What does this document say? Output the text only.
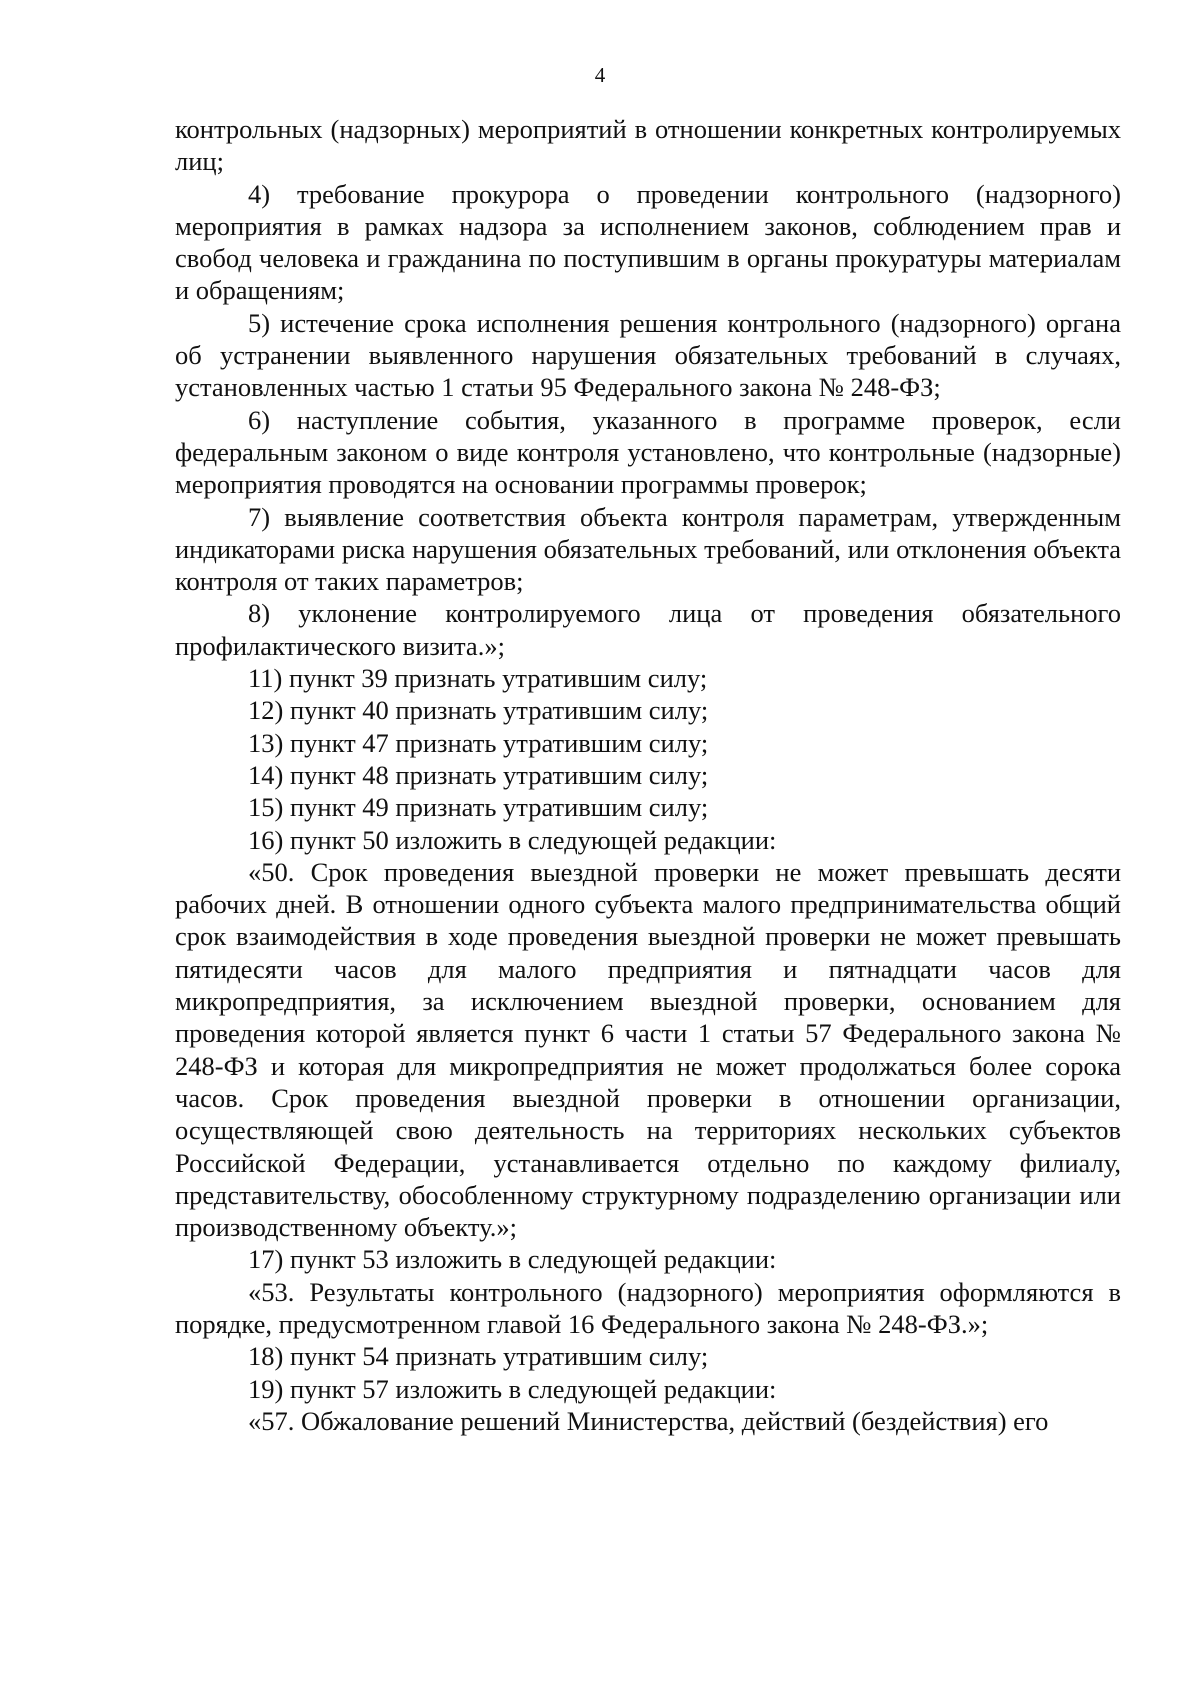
4

контрольных (надзорных) мероприятий в отношении конкретных контролируемых лиц;

4) требование прокурора о проведении контрольного (надзорного) мероприятия в рамках надзора за исполнением законов, соблюдением прав и свобод человека и гражданина по поступившим в органы прокуратуры материалам и обращениям;

5) истечение срока исполнения решения контрольного (надзорного) органа об устранении выявленного нарушения обязательных требований в случаях, установленных частью 1 статьи 95 Федерального закона № 248-ФЗ;

6) наступление события, указанного в программе проверок, если федеральным законом о виде контроля установлено, что контрольные (надзорные) мероприятия проводятся на основании программы проверок;

7) выявление соответствия объекта контроля параметрам, утвержденным индикаторами риска нарушения обязательных требований, или отклонения объекта контроля от таких параметров;

8) уклонение контролируемого лица от проведения обязательного профилактического визита.»;

11) пункт 39 признать утратившим силу;

12) пункт 40 признать утратившим силу;

13) пункт 47 признать утратившим силу;

14) пункт 48 признать утратившим силу;

15) пункт 49 признать утратившим силу;

16) пункт 50 изложить в следующей редакции:

«50. Срок проведения выездной проверки не может превышать десяти рабочих дней. В отношении одного субъекта малого предпринимательства общий срок взаимодействия в ходе проведения выездной проверки не может превышать пятидесяти часов для малого предприятия и пятнадцати часов для микропредприятия, за исключением выездной проверки, основанием для проведения которой является пункт 6 части 1 статьи 57 Федерального закона № 248-ФЗ и которая для микропредприятия не может продолжаться более сорока часов. Срок проведения выездной проверки в отношении организации, осуществляющей свою деятельность на территориях нескольких субъектов Российской Федерации, устанавливается отдельно по каждому филиалу, представительству, обособленному структурному подразделению организации или производственному объекту.»;

17) пункт 53 изложить в следующей редакции:

«53. Результаты контрольного (надзорного) мероприятия оформляются в порядке, предусмотренном главой 16 Федерального закона № 248-ФЗ.»;

18) пункт 54 признать утратившим силу;

19) пункт 57 изложить в следующей редакции:

«57. Обжалование решений Министерства, действий (бездействия) его
